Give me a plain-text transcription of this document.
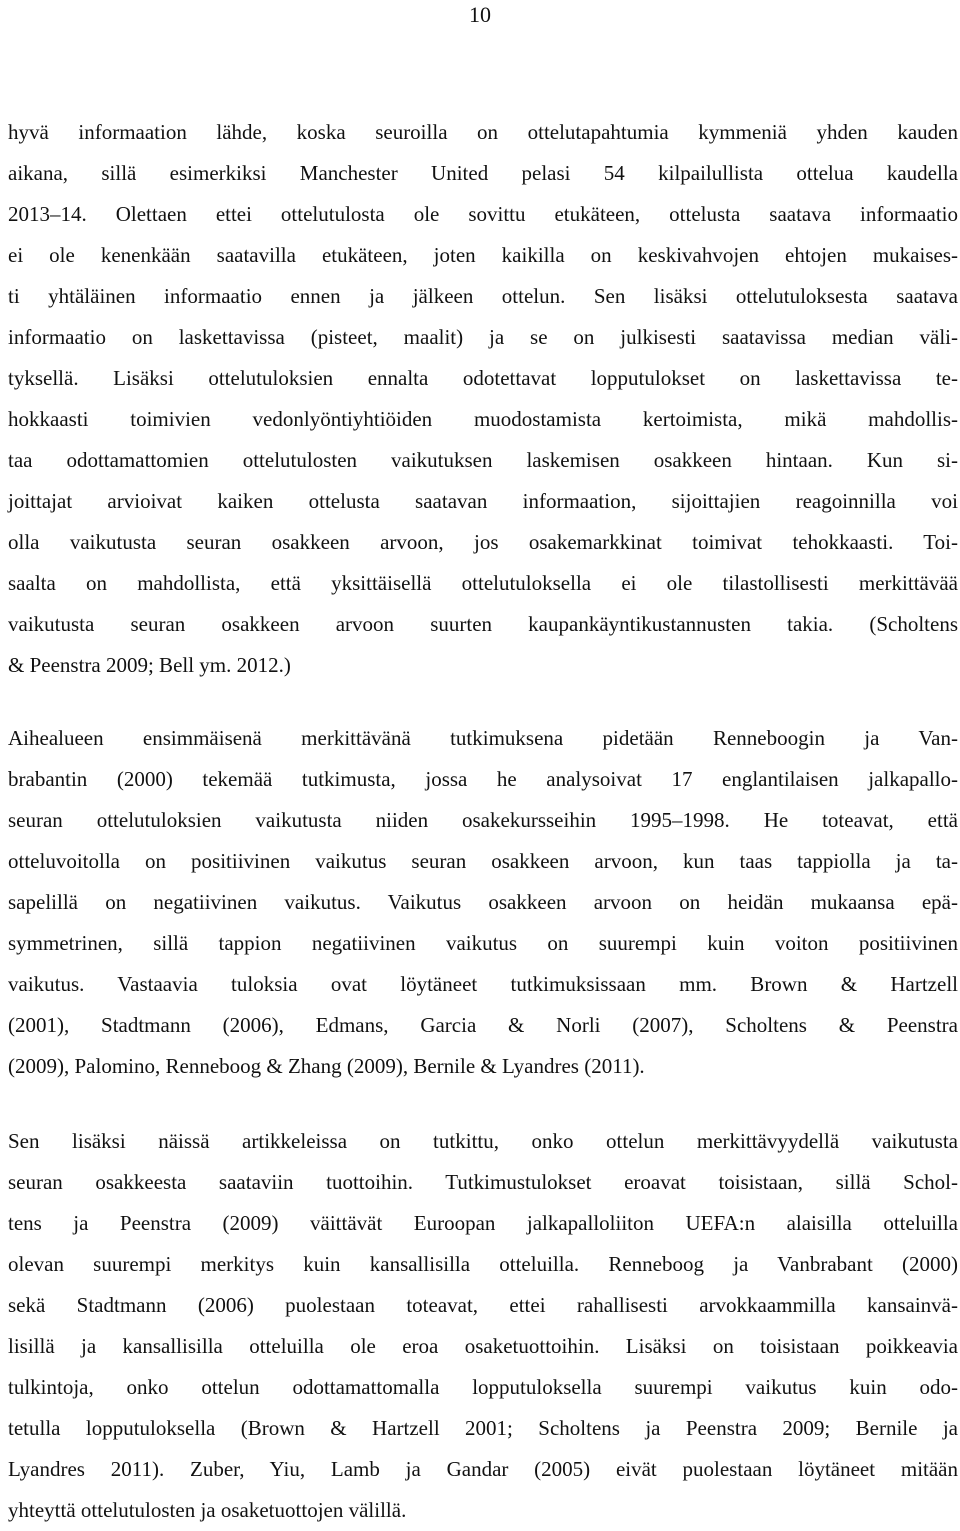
10

hyvä informaation lähde, koska seuroilla on ottelutapahtumia kymmeniä yhden kauden
aikana, sillä esimerkiksi Manchester United pelasi 54 kilpailullista ottelua kaudella
2013–14. Olettaen ettei ottelutulosta ole sovittu etukäteen, ottelusta saatava informaatio
ei ole kenenkään saatavilla etukäteen, joten kaikilla on keskivahvojen ehtojen mukaises-
ti yhtäläinen informaatio ennen ja jälkeen ottelun. Sen lisäksi ottelutuloksesta saatava
informaatio on laskettavissa (pisteet, maalit) ja se on julkisesti saatavissa median väli-
tyksellä. Lisäksi ottelutuloksien ennalta odotettavat lopputulokset on laskettavissa te-
hokkaasti toimivien vedonlyöntiyhtiöiden muodostamista kertoimista, mikä mahdollis-
taa odottamattomien ottelutulosten vaikutuksen laskemisen osakkeen hintaan. Kun si-
joittajat arvioivat kaiken ottelusta saatavan informaation, sijoittajien reagoinnilla voi
olla vaikutusta seuran osakkeen arvoon, jos osakemarkkinat toimivat tehokkaasti. Toi-
saalta on mahdollista, että yksittäisellä ottelutuloksella ei ole tilastollisesti merkittävää
vaikutusta seuran osakkeen arvoon suurten kaupankäyntikustannusten takia. (Scholtens
& Peenstra 2009; Bell ym. 2012.)

Aihealueen ensimmäisenä merkittävänä tutkimuksena pidetään Renneboogin ja Van-
brabantin (2000) tekemää tutkimusta, jossa he analysoivat 17 englantilaisen jalkapallo-
seuran ottelutuloksien vaikutusta niiden osakekursseihin 1995–1998. He toteavat, että
otteluvoitolla on positiivinen vaikutus seuran osakkeen arvoon, kun taas tappiolla ja ta-
sapelillä on negatiivinen vaikutus. Vaikutus osakkeen arvoon on heidän mukaansa epä-
symmetrinen, sillä tappion negatiivinen vaikutus on suurempi kuin voiton positiivinen
vaikutus. Vastaavia tuloksia ovat löytäneet tutkimuksissaan mm. Brown & Hartzell
(2001), Stadtmann (2006), Edmans, Garcia & Norli (2007), Scholtens & Peenstra
(2009), Palomino, Renneboog & Zhang (2009), Bernile & Lyandres (2011).

Sen lisäksi näissä artikkeleissa on tutkittu, onko ottelun merkittävyydellä vaikutusta
seuran osakkeesta saataviin tuottoihin. Tutkimustulokset eroavat toisistaan, sillä Schol-
tens ja Peenstra (2009) väittävät Euroopan jalkapalloliiton UEFA:n alaisilla otteluilla
olevan suurempi merkitys kuin kansallisilla otteluilla. Renneboog ja Vanbrabant (2000)
sekä Stadtmann (2006) puolestaan toteavat, ettei rahallisesti arvokkaammilla kansainvä-
lisillä ja kansallisilla otteluilla ole eroa osaketuottoihin. Lisäksi on toisistaan poikkeavia
tulkintoja, onko ottelun odottamattomalla lopputuloksella suurempi vaikutus kuin odo-
tetulla lopputuloksella (Brown & Hartzell 2001; Scholtens ja Peenstra 2009; Bernile ja
Lyandres 2011). Zuber, Yiu, Lamb ja Gandar (2005) eivät puolestaan löytäneet mitään
yhteyttä ottelutulosten ja osaketuottojen välillä.
